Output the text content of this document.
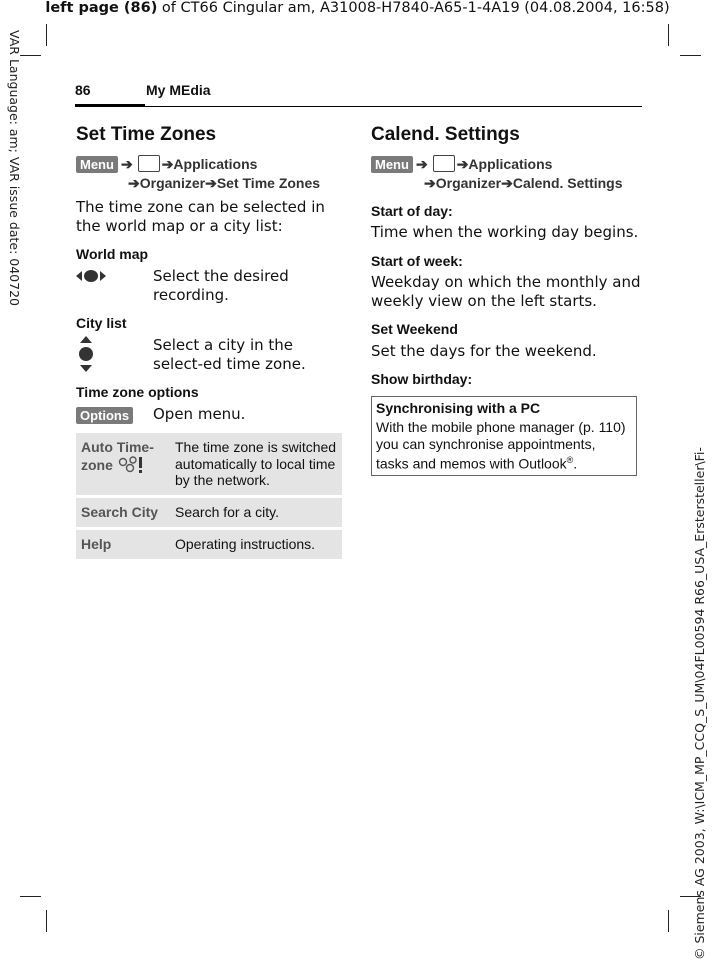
left page (86) of CT66 Cingular am, A31008-H7840-A65-1-4A19 (04.08.2004, 16:58)
VAR Language: am; VAR issue date: 040720
© Siemens AG 2003, W:\ICM_MP_CCQ_S_UM\04FL00594 R66_USA_Erstersteller\Fi-
86	My MEdia
Set Time Zones
Menu ➔ ➔Applications
➔Organizer➔Set Time Zones
The time zone can be selected in the world map or a city list:
World map
Select the desired recording.
City list
Select a city in the select-ed time zone.
Time zone options
Options Open menu.
Auto Time-zone	The time zone is switched automatically to local time by the network.
Search City	Search for a city.
Help	Operating instructions.
Calend. Settings
Menu ➔ ➔Applications
➔Organizer➔Calend. Settings
Start of day:
Time when the working day begins.
Start of week:
Weekday on which the monthly and weekly view on the left starts.
Set Weekend
Set the days for the weekend.
Show birthday:
Synchronising with a PC
With the mobile phone manager (p. 110) you can synchronise appointments, tasks and memos with Outlook®.
